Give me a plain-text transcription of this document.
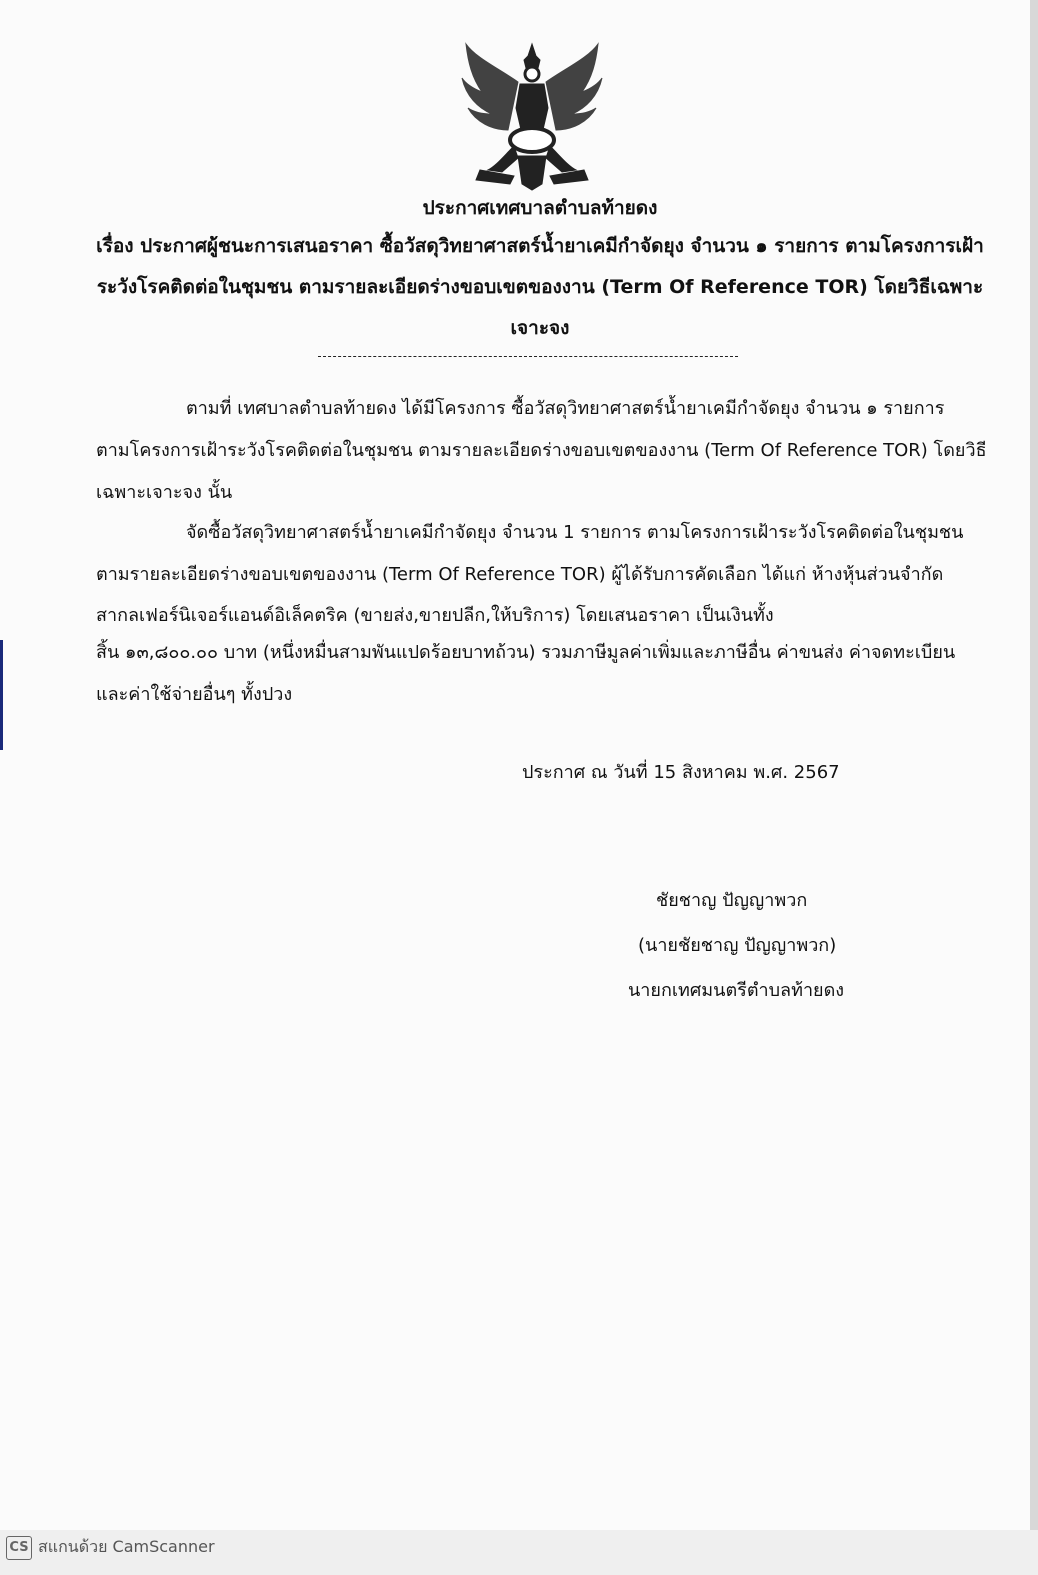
ประกาศเทศบาลตำบลท้ายดง
เรื่อง ประกาศผู้ชนะการเสนอราคา ซื้อวัสดุวิทยาศาสตร์น้ำยาเคมีกำจัดยุง จำนวน ๑ รายการ ตามโครงการเฝ้า
ระวังโรคติดต่อในชุมชน ตามรายละเอียดร่างขอบเขตของงาน (Term Of Reference TOR) โดยวิธีเฉพาะ
เจาะจง
ตามที่ เทศบาลตำบลท้ายดง ได้มีโครงการ ซื้อวัสดุวิทยาศาสตร์น้ำยาเคมีกำจัดยุง จำนวน ๑ รายการ
ตามโครงการเฝ้าระวังโรคติดต่อในชุมชน ตามรายละเอียดร่างขอบเขตของงาน (Term Of Reference TOR) โดยวิธี
เฉพาะเจาะจง นั้น
จัดซื้อวัสดุวิทยาศาสตร์น้ำยาเคมีกำจัดยุง จำนวน 1 รายการ ตามโครงการเฝ้าระวังโรคติดต่อในชุมชน
ตามรายละเอียดร่างขอบเขตของงาน (Term Of Reference TOR) ผู้ได้รับการคัดเลือก ได้แก่ ห้างหุ้นส่วนจำกัด
สากลเฟอร์นิเจอร์แอนด์อิเล็คตริค (ขายส่ง,ขายปลีก,ให้บริการ) โดยเสนอราคา เป็นเงินทั้ง
สิ้น ๑๓,๘๐๐.๐๐ บาท (หนึ่งหมื่นสามพันแปดร้อยบาทถ้วน) รวมภาษีมูลค่าเพิ่มและภาษีอื่น ค่าขนส่ง ค่าจดทะเบียน
และค่าใช้จ่ายอื่นๆ ทั้งปวง
ประกาศ ณ วันที่ 15 สิงหาคม พ.ศ. 2567
ชัยชาญ ปัญญาพวก
(นายชัยชาญ ปัญญาพวก)
นายกเทศมนตรีตำบลท้ายดง
CS สแกนด้วย CamScanner
